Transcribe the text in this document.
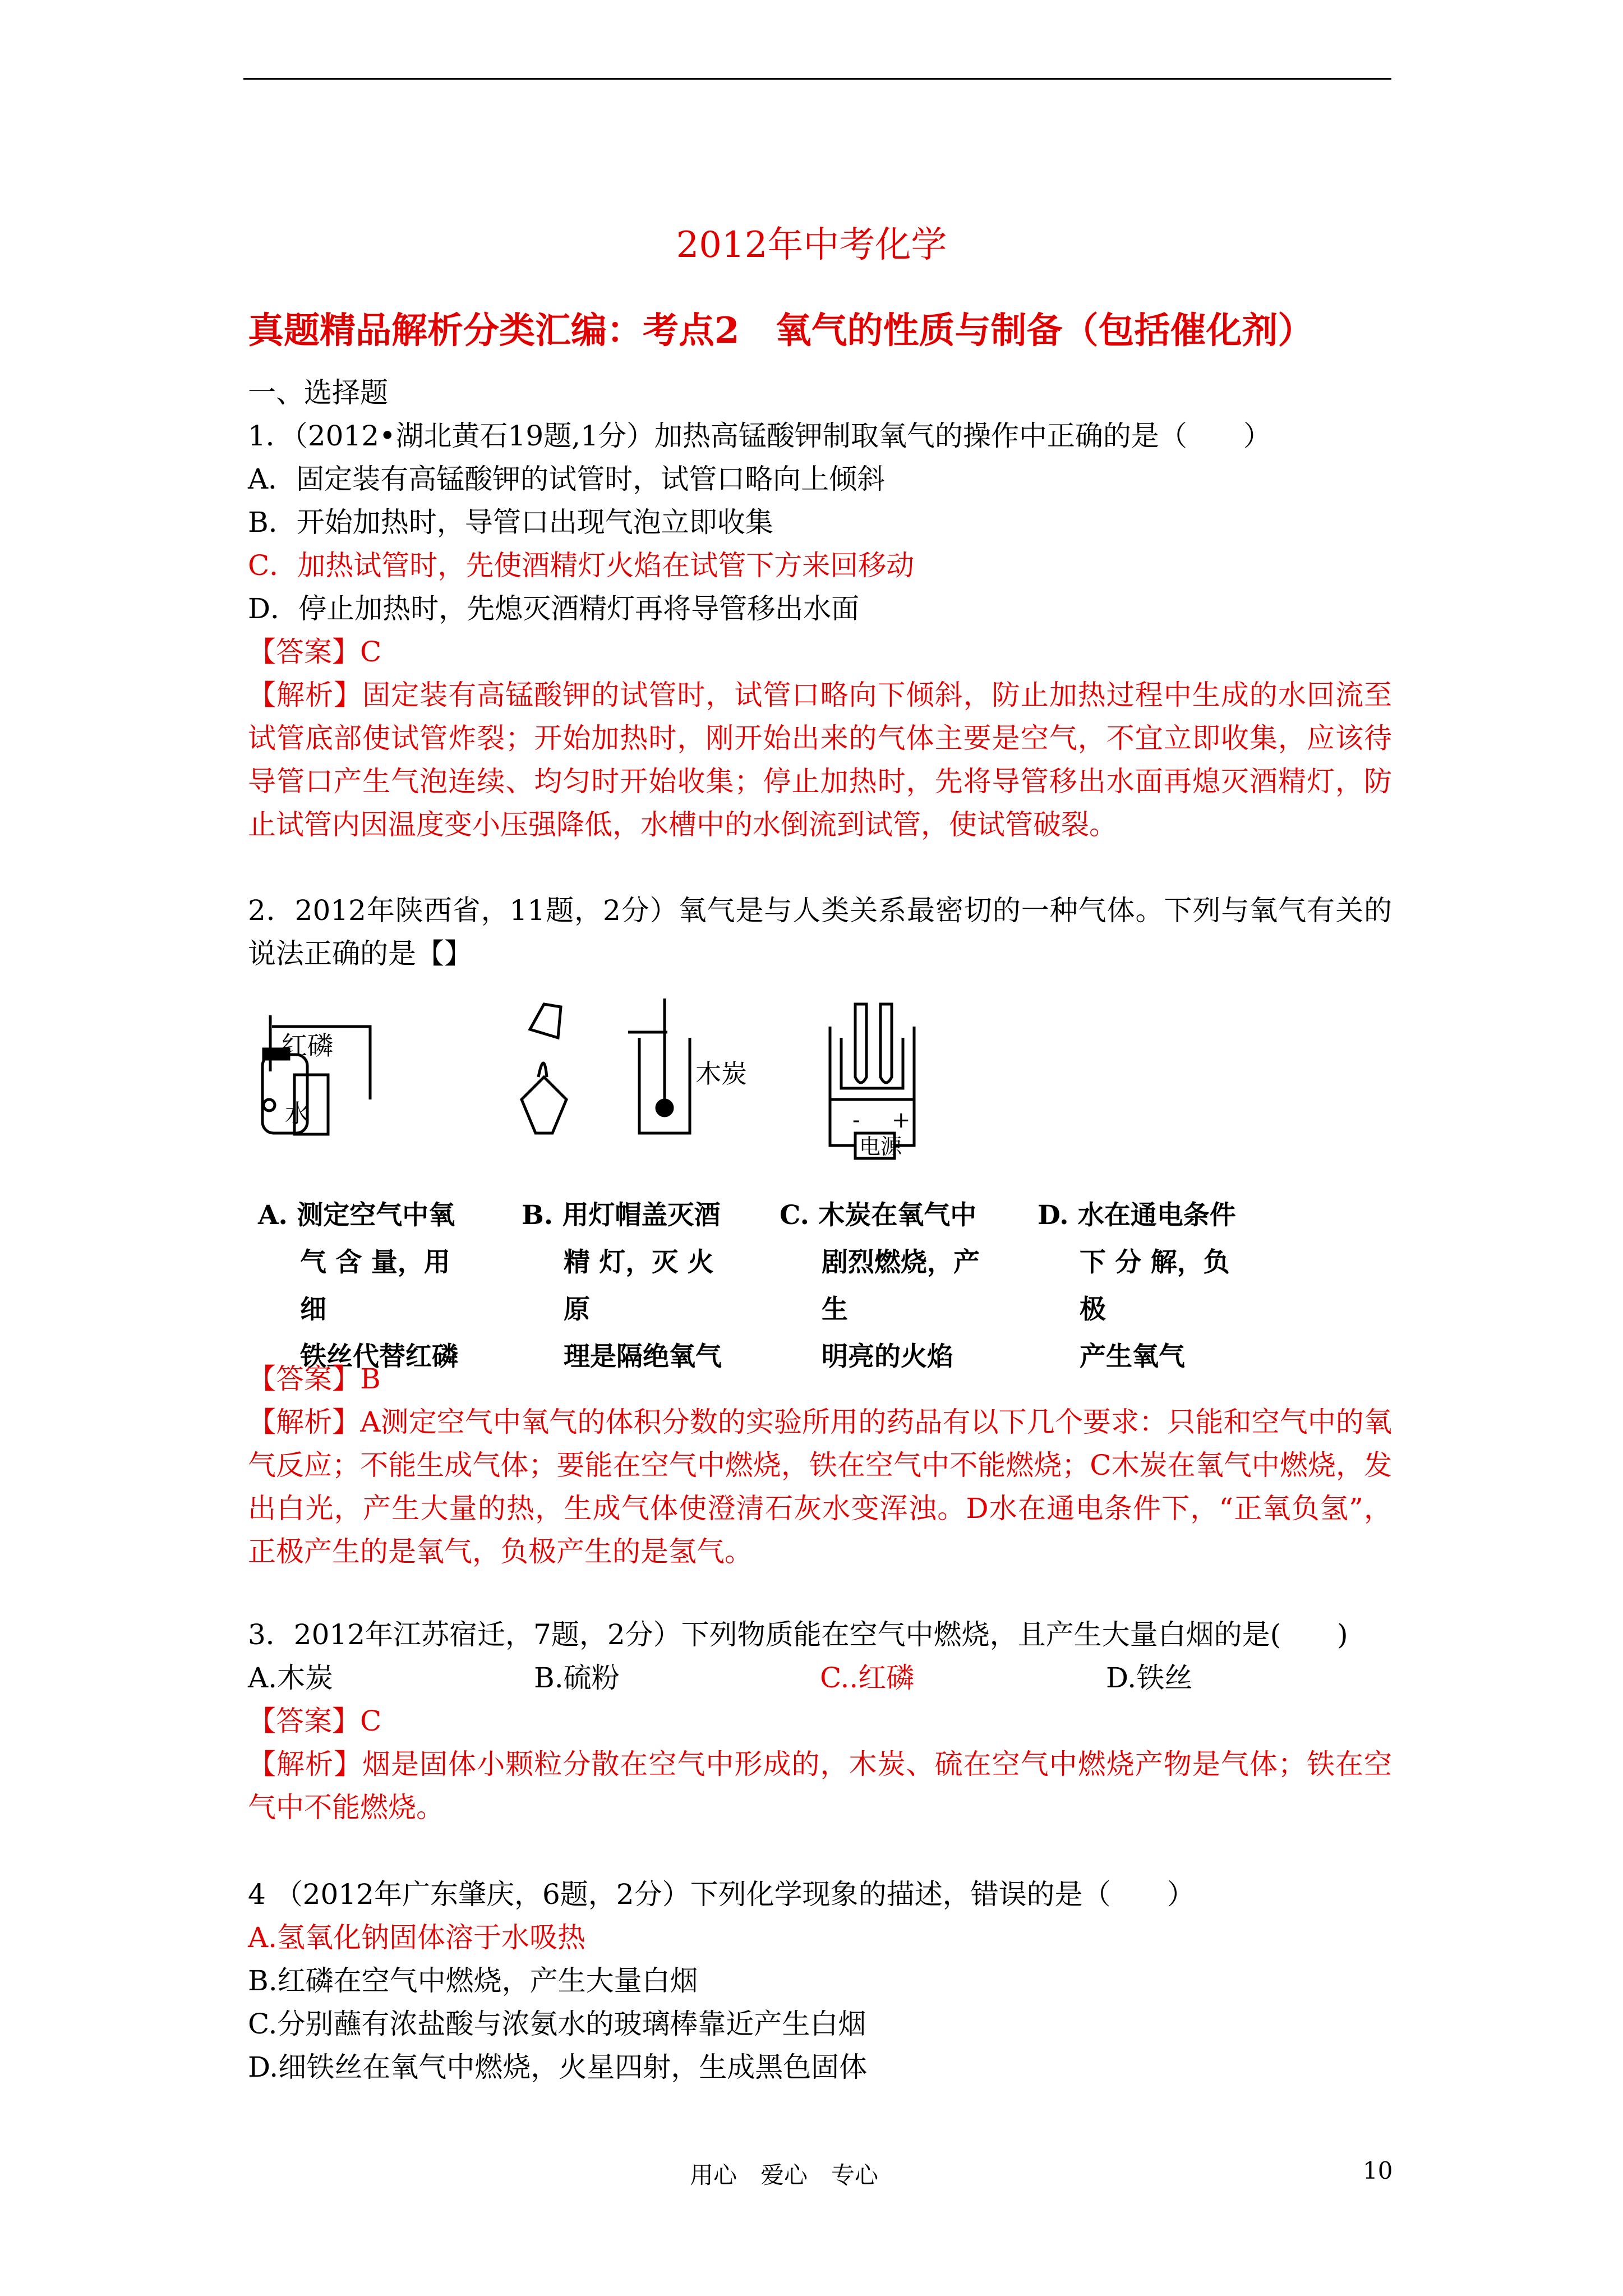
2012年中考化学
真题精品解析分类汇编：考点2　氧气的性质与制备（包括催化剂）
一、选择题
1．（2012•湖北黄石19题,1分）加热高锰酸钾制取氧气的操作中正确的是（　　）
A．固定装有高锰酸钾的试管时，试管口略向上倾斜
B．开始加热时，导管口出现气泡立即收集
C．加热试管时，先使酒精灯火焰在试管下方来回移动
D．停止加热时，先熄灭酒精灯再将导管移出水面
【答案】C
【解析】固定装有高锰酸钾的试管时，试管口略向下倾斜，防止加热过程中生成的水回流至试管底部使试管炸裂；开始加热时，刚开始出来的气体主要是空气，不宜立即收集，应该待导管口产生气泡连续、均匀时开始收集；停止加热时，先将导管移出水面再熄灭酒精灯，防止试管内因温度变小压强降低，水槽中的水倒流到试管，使试管破裂。
2．2012年陕西省，11题，2分）氧气是与人类关系最密切的一种气体。下列与氧气有关的说法正确的是【】
红磷
水
木炭
电源
- +
A. 测定空气中氧
气 含 量，用 细
铁丝代替红磷
B. 用灯帽盖灭酒
精 灯，灭 火 原
理是隔绝氧气
C. 木炭在氧气中
剧烈燃烧，产生
明亮的火焰
D. 水在通电条件
下 分 解，负 极
产生氧气
【答案】B
【解析】A测定空气中氧气的体积分数的实验所用的药品有以下几个要求：只能和空气中的氧气反应；不能生成气体；要能在空气中燃烧，铁在空气中不能燃烧；C木炭在氧气中燃烧，发出白光，产生大量的热，生成气体使澄清石灰水变浑浊。D水在通电条件下，“正氧负氢”，正极产生的是氧气，负极产生的是氢气。
3．2012年江苏宿迁，7题，2分）下列物质能在空气中燃烧，且产生大量白烟的是(　　)
A.木炭	B.硫粉	C..红磷	D.铁丝
【答案】C
【解析】烟是固体小颗粒分散在空气中形成的，木炭、硫在空气中燃烧产物是气体；铁在空气中不能燃烧。
4 （2012年广东肇庆，6题，2分）下列化学现象的描述，错误的是（　　）
A.氢氧化钠固体溶于水吸热
B.红磷在空气中燃烧，产生大量白烟
C.分别蘸有浓盐酸与浓氨水的玻璃棒靠近产生白烟
D.细铁丝在氧气中燃烧，火星四射，生成黑色固体
用心　爱心　专心	10
